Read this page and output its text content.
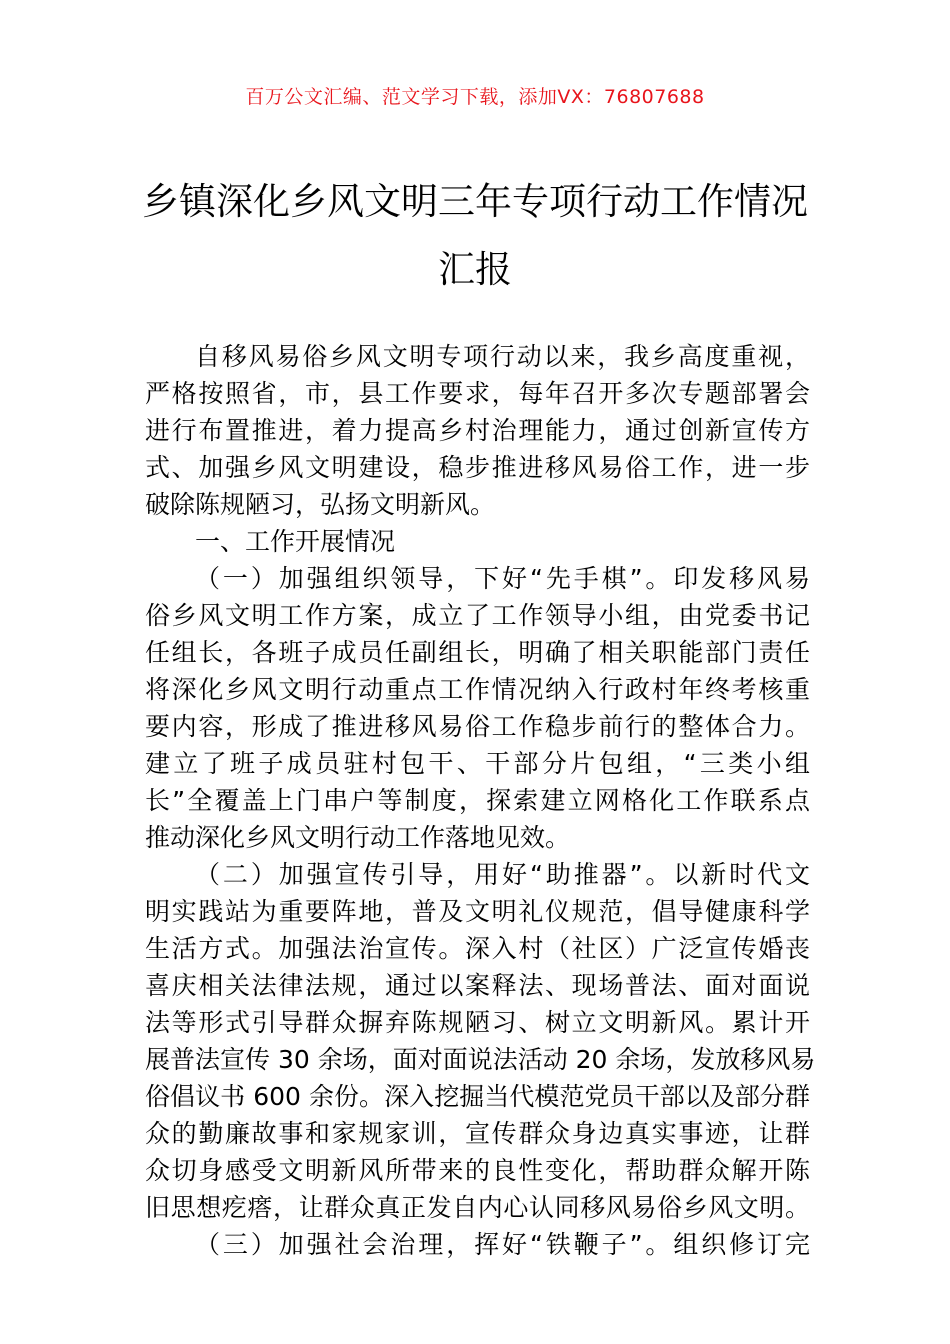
百万公文汇编、范文学习下载，添加VX：76807688
乡镇深化乡风文明三年专项行动工作情况
汇报
自移风易俗乡风文明专项行动以来，我乡高度重视，
严格按照省，市，县工作要求，每年召开多次专题部署会
进行布置推进，着力提高乡村治理能力，通过创新宣传方
式、加强乡风文明建设，稳步推进移风易俗工作，进一步
破除陈规陋习，弘扬文明新风。
一、工作开展情况
（一）加强组织领导，下好“先手棋”。印发移风易
俗乡风文明工作方案，成立了工作领导小组，由党委书记
任组长，各班子成员任副组长，明确了相关职能部门责任
将深化乡风文明行动重点工作情况纳入行政村年终考核重
要内容，形成了推进移风易俗工作稳步前行的整体合力。
建立了班子成员驻村包干、干部分片包组，“三类小组
长”全覆盖上门串户等制度，探索建立网格化工作联系点
推动深化乡风文明行动工作落地见效。
（二）加强宣传引导，用好“助推器”。以新时代文
明实践站为重要阵地，普及文明礼仪规范，倡导健康科学
生活方式。加强法治宣传。深入村（社区）广泛宣传婚丧
喜庆相关法律法规，通过以案释法、现场普法、面对面说
法等形式引导群众摒弃陈规陋习、树立文明新风。累计开
展普法宣传 30 余场，面对面说法活动 20 余场，发放移风易
俗倡议书 600 余份。深入挖掘当代模范党员干部以及部分群
众的勤廉故事和家规家训，宣传群众身边真实事迹，让群
众切身感受文明新风所带来的良性变化，帮助群众解开陈
旧思想疙瘩，让群众真正发自内心认同移风易俗乡风文明。
（三）加强社会治理，挥好“铁鞭子”。组织修订完
